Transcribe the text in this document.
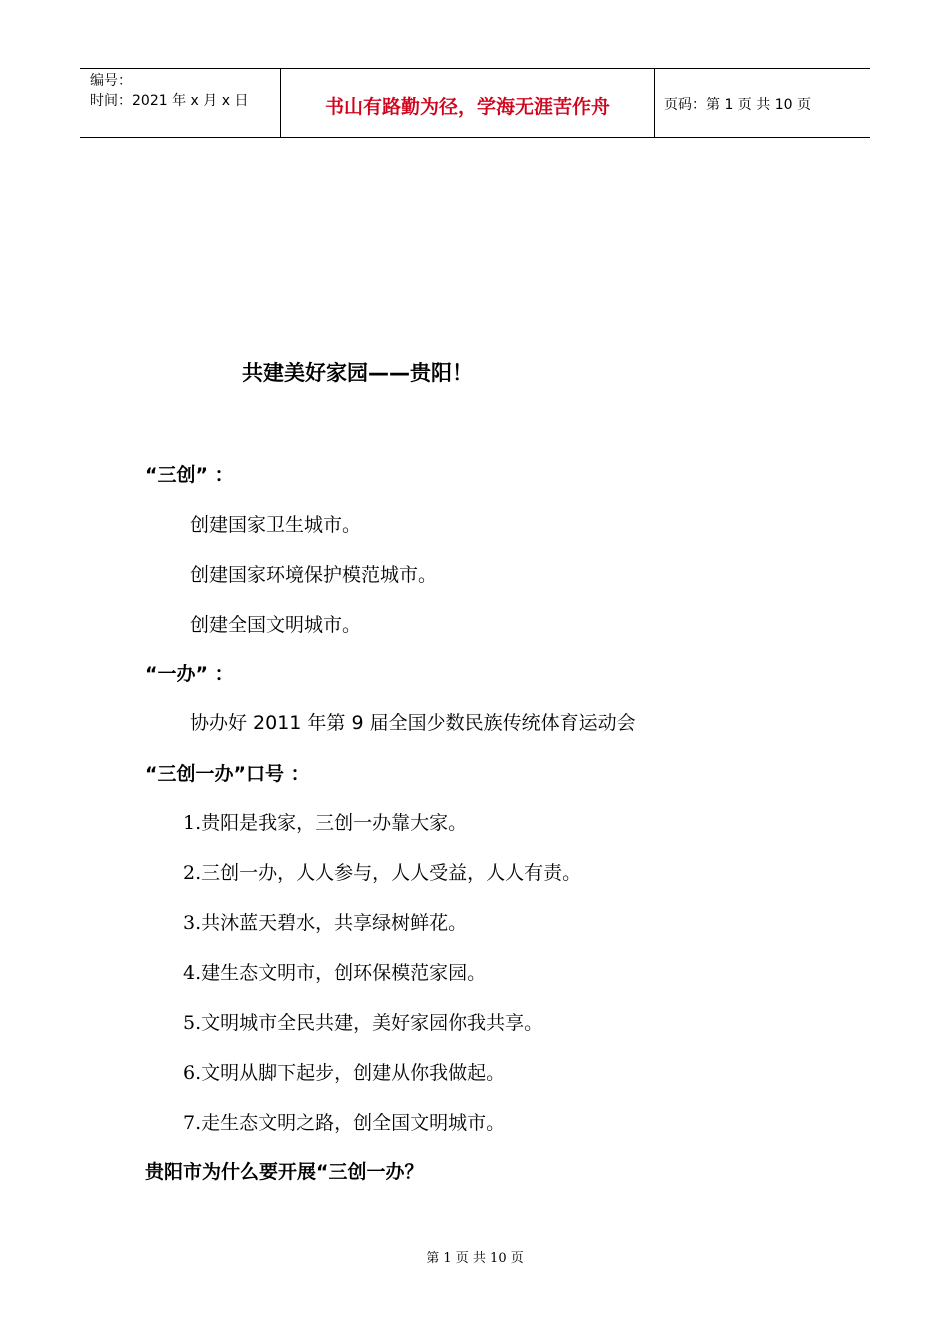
编号：
时间：2021 年 x 月 x 日	书山有路勤为径，学海无涯苦作舟	页码：第 1 页 共 10 页
共建美好家园——贵阳！
“三创” ：
创建国家卫生城市。
创建国家环境保护模范城市。
创建全国文明城市。
“一办” ：
协办好 2011 年第 9 届全国少数民族传统体育运动会
“三创一办”口号 ：
1.贵阳是我家，三创一办靠大家。
2.三创一办，人人参与，人人受益，人人有责。
3.共沐蓝天碧水，共享绿树鲜花。
4.建生态文明市，创环保模范家园。
5.文明城市全民共建，美好家园你我共享。
6.文明从脚下起步，创建从你我做起。
7.走生态文明之路，创全国文明城市。
贵阳市为什么要开展“三创一办？
第 1 页 共 10 页
